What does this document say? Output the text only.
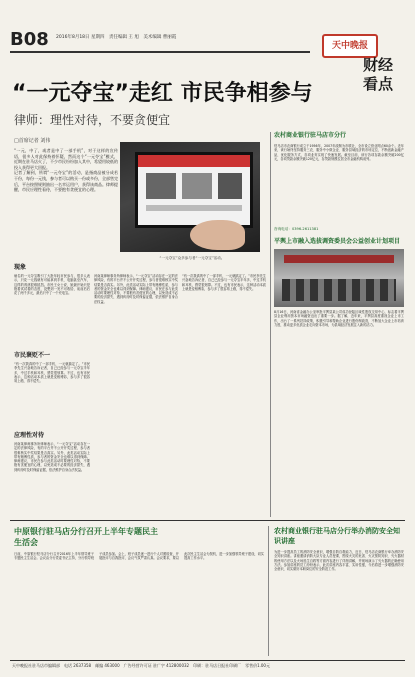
B08 2016年8月18日 星期四　责任编辑 王 旭　美术编辑 曹丽霞
天中晚报
财经
看点
“一元夺宝”走红 市民争相参与
律师：理性对待，不要贪便宜
□首席记者 刘伟
“一元，中了，或者是中了一部手机”，对于这样的宣传语，很多人对此保持着怀疑，然而这个“一元夺宝”模式，近期在驻马店火了，不少市民纷纷加入其中，希望用较低的投入获得更大回报。
记者了解到，所谓“一元夺宝”的活动，是指商品被分成若干份，每份一元钱，参与者可以购买一份或多份，全部售完后，平台按照规则抽出一名幸运用户，获得该商品。律师提醒，市民应理性看待，不要抱有贪便宜的心理。
“一元夺宝”众多参与者“一元夺宝”活动。
现象
驰名的一元夺宝吸引了大批年轻市民参与，很多人表示，只花一元钱就有可能拿到手机、电脑甚至汽车，这样的诱惑很难抵挡。市民王女士说，她最开始只是抱着试试看的态度，没想到一发不可收拾，前前后后花了两千多元，最后只中了一个充电宝。
市民褒贬不一
“有一次我真的中了一部手机，一元就搞定了。”市民李先生兴奋地告诉记者，自己已经参与一元夺宝半年多，中过手机和耳机，感觉很划算。不过，也有市民表示，这种活动本质上就是变相博彩，参与多了很容易上瘾，得不偿失。
应理性对待
河南某律师事务所律师表示，“一元夺宝”活动存在一定的法律风险，有的平台并不公开开奖过程，参与者很难核实中奖结果是否真实。另外，此类活动实际上带有赌博性质，参与者的资金安全也难以得到保障。律师建议，市民在参与此类活动时要理性对待，不要抱有贪便宜的心理，以免造成不必要的经济损失，遇到纠纷时及时保留证据，依法维护自身合法权益。
河南某律师事务所律师表示，“一元夺宝”活动存在一定的法律风险，有的平台并不公开开奖过程，参与者很难核实中奖结果是否真实。另外，此类活动实际上带有赌博性质，参与者的资金安全也难以得到保障。律师建议，市民在参与此类活动时要理性对待，不要抱有贪便宜的心理，以免造成不必要的经济损失，遇到纠纷时及时保留证据，依法维护自身合法权益。
“有一次我真的中了一部手机，一元就搞定了。”市民李先生兴奋地告诉记者，自己已经参与一元夺宝半年多，中过手机和耳机，感觉很划算。不过，也有市民表示，这种活动本质上就是变相博彩，参与多了很容易上瘾，得不偿失。
农村商业银行驻马店市分行
驻马店市农商银行成立于1956年，2007年改制为市联社，全市设立营业网点60余个。近年来，该行始终坚持服务三农、服务中小微企业、服务县域经济的市场定位，不断创新金融产品，优化服务方式，各项业务实现了快速发展。截至目前，该行各项存款余额突破200亿元，各项贷款余额突破120亿元，存贷款规模位居全市金融机构前列。
咨询电话：0396-2611381
平舆上市融入选拔调资委员会公益创业计划项目
8月16日，河南省金融办公室审批平舆县某公司成功登陆区域性股权交易中心，标志着平舆县企业利用资本市场融资迈出了重要一步。据了解，近年来，平舆县高度重视企业上市工作，出台了一系列扶持政策，积极引导和帮助企业进行股份制改造，不断加大企业上市培育力度，推动更多优质企业走向资本市场，为县域经济发展注入新的活力。
中原银行驻马店分行召开上半年专题民主生活会
日前，中原银行驻马店分行召开2016年上半年领导班子专题民主生活会。会议由分行党委书记主持，分行领导班子成员参加。会上，班子成员逐一进行个人对照检查，开展批评与自我批评，会议气氛严肃认真。会议要求，要以此次民主生活会为契机，进一步加强领导班子建设，切实提高工作水平。
农村商业银行驻马店分行举办消防安全知识讲座
为进一步提高员工的消防安全意识，增强自防自救能力，近日，驻马店农商银行举办消防安全知识讲座。讲座邀请消防大队专业人员授课，围绕火灾的危害、火灾预防知识、灭火器材的使用方法以及火场逃生自救等方面内容进行了详细讲解，并现场演示了灭火器的正确使用方法。参加讲座的员工纷纷表示，此次讲座内容丰富、实用性强，今后将进一步增强消防安全意识，切实做好本职岗位的安全防范工作。
天中晚报社驻马店市编辑部　电话 2637358　邮编 463000　广告经营许可证 驻广字 412800032　印刷：驻马店日报社印刷厂　零售价1.00元
